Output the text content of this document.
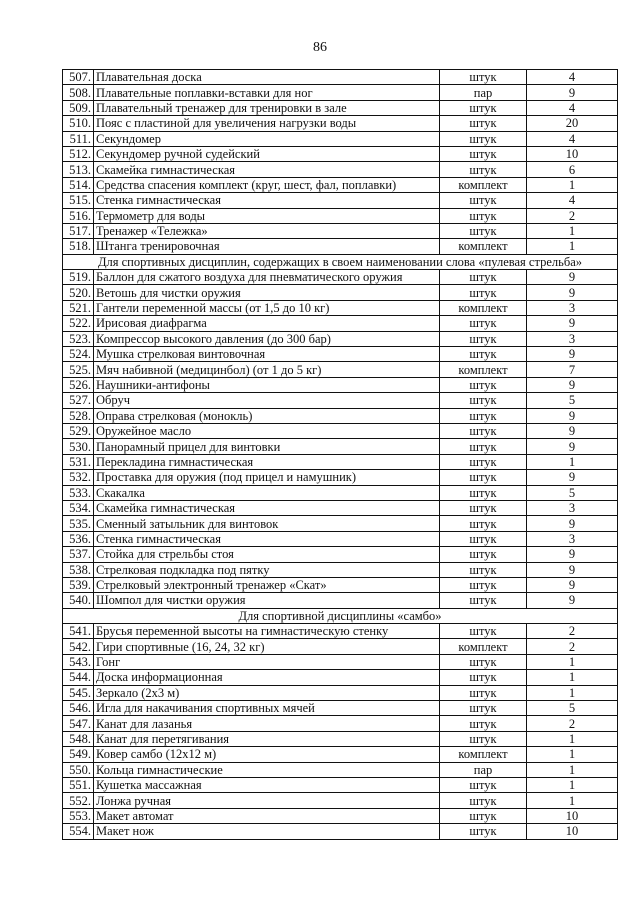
86
507.	Плавательная доска	штук	4
508.	Плавательные поплавки-вставки для ног	пар	9
509.	Плавательный тренажер для тренировки в зале	штук	4
510.	Пояс с пластиной для увеличения нагрузки воды	штук	20
511.	Секундомер	штук	4
512.	Секундомер ручной судейский	штук	10
513.	Скамейка гимнастическая	штук	6
514.	Средства спасения комплект (круг, шест, фал, поплавки)	комплект	1
515.	Стенка гимнастическая	штук	4
516.	Термометр для воды	штук	2
517.	Тренажер «Тележка»	штук	1
518.	Штанга тренировочная	комплект	1
Для спортивных дисциплин, содержащих в своем наименовании слова «пулевая стрельба»			
519.	Баллон для сжатого воздуха для пневматического оружия	штук	9
520.	Ветошь для чистки оружия	штук	9
521.	Гантели переменной массы (от 1,5 до 10 кг)	комплект	3
522.	Ирисовая диафрагма	штук	9
523.	Компрессор высокого давления (до 300 бар)	штук	3
524.	Мушка стрелковая винтовочная	штук	9
525.	Мяч набивной (медицинбол) (от 1 до 5 кг)	комплект	7
526.	Наушники-антифоны	штук	9
527.	Обруч	штук	5
528.	Оправа стрелковая (монокль)	штук	9
529.	Оружейное масло	штук	9
530.	Панорамный прицел для винтовки	штук	9
531.	Перекладина гимнастическая	штук	1
532.	Проставка для оружия (под прицел и намушник)	штук	9
533.	Скакалка	штук	5
534.	Скамейка гимнастическая	штук	3
535.	Сменный затыльник для винтовок	штук	9
536.	Стенка гимнастическая	штук	3
537.	Стойка для стрельбы стоя	штук	9
538.	Стрелковая подкладка под пятку	штук	9
539.	Стрелковый электронный тренажер «Скат»	штук	9
540.	Шомпол для чистки оружия	штук	9
Для спортивной дисциплины «самбо»			
541.	Брусья переменной высоты на гимнастическую стенку	штук	2
542.	Гири спортивные (16, 24, 32 кг)	комплект	2
543.	Гонг	штук	1
544.	Доска информационная	штук	1
545.	Зеркало (2x3 м)	штук	1
546.	Игла для накачивания спортивных мячей	штук	5
547.	Канат для лазанья	штук	2
548.	Канат для перетягивания	штук	1
549.	Ковер самбо (12x12 м)	комплект	1
550.	Кольца гимнастические	пар	1
551.	Кушетка массажная	штук	1
552.	Лонжа ручная	штук	1
553.	Макет автомат	штук	10
554.	Макет нож	штук	10
